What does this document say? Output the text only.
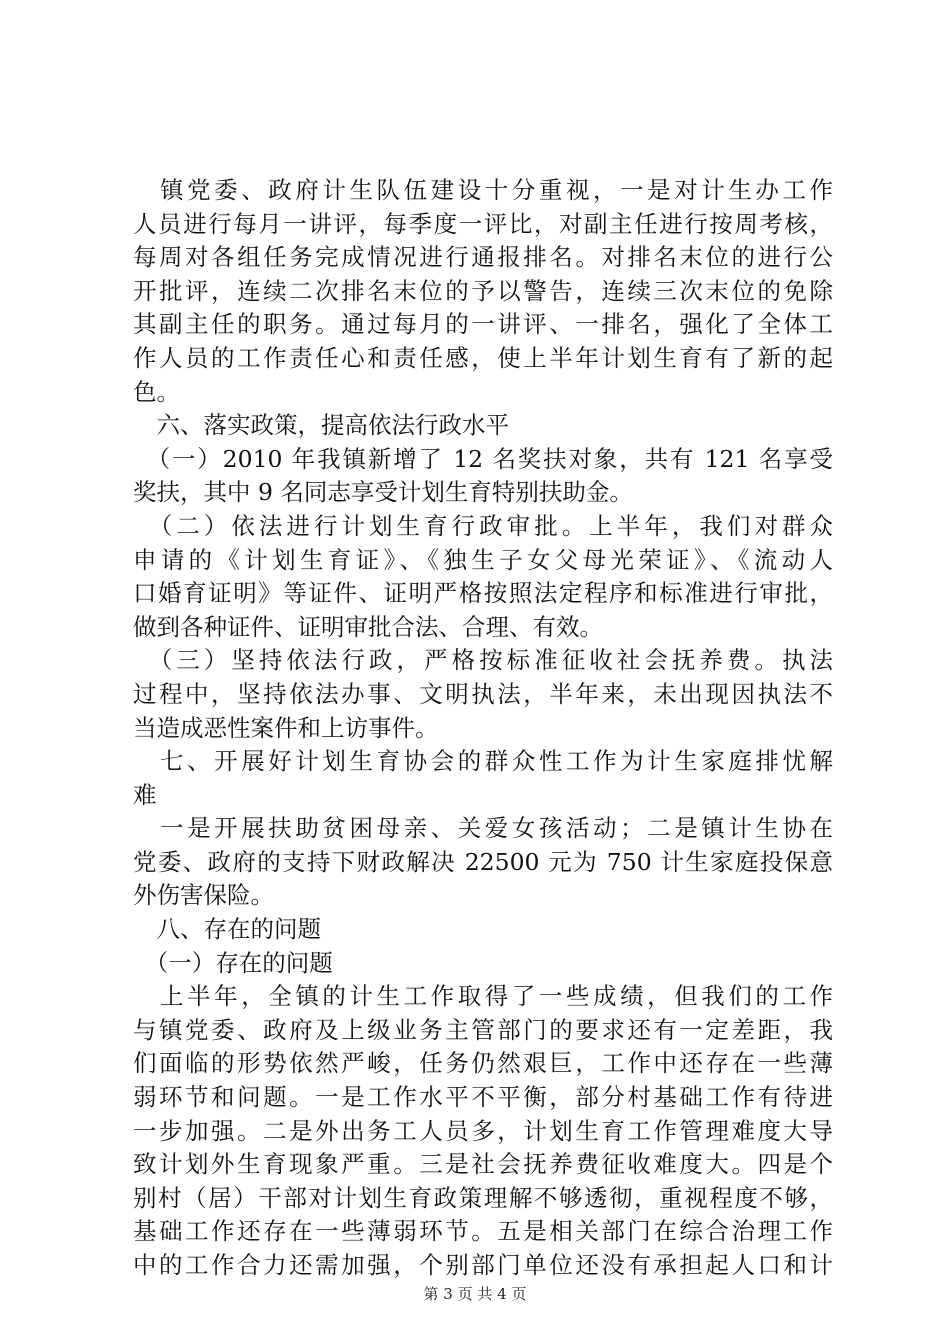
　镇党委、政府计生队伍建设十分重视，一是对计生办工作
人员进行每月一讲评，每季度一评比，对副主任进行按周考核，
每周对各组任务完成情况进行通报排名。对排名末位的进行公
开批评，连续二次排名末位的予以警告，连续三次末位的免除
其副主任的职务。通过每月的一讲评、一排名，强化了全体工
作人员的工作责任心和责任感，使上半年计划生育有了新的起
色。
　六、落实政策，提高依法行政水平
　（一）2010 年我镇新增了 12 名奖扶对象，共有 121 名享受
奖扶，其中 9 名同志享受计划生育特别扶助金。
　（二）依法进行计划生育行政审批。上半年，我们对群众
申请的《计划生育证》、《独生子女父母光荣证》、《流动人
口婚育证明》等证件、证明严格按照法定程序和标准进行审批，
做到各种证件、证明审批合法、合理、有效。
　（三）坚持依法行政，严格按标准征收社会抚养费。执法
过程中，坚持依法办事、文明执法，半年来，未出现因执法不
当造成恶性案件和上访事件。
　七、开展好计划生育协会的群众性工作为计生家庭排忧解
难
　一是开展扶助贫困母亲、关爱女孩活动；二是镇计生协在
党委、政府的支持下财政解决 22500 元为 750 计生家庭投保意
外伤害保险。
　八、存在的问题
　（一）存在的问题
　上半年，全镇的计生工作取得了一些成绩，但我们的工作
与镇党委、政府及上级业务主管部门的要求还有一定差距，我
们面临的形势依然严峻，任务仍然艰巨，工作中还存在一些薄
弱环节和问题。一是工作水平不平衡，部分村基础工作有待进
一步加强。二是外出务工人员多，计划生育工作管理难度大导
致计划外生育现象严重。三是社会抚养费征收难度大。四是个
别村（居）干部对计划生育政策理解不够透彻，重视程度不够，
基础工作还存在一些薄弱环节。五是相关部门在综合治理工作
中的工作合力还需加强，个别部门单位还没有承担起人口和计
第 3 页 共 4 页
